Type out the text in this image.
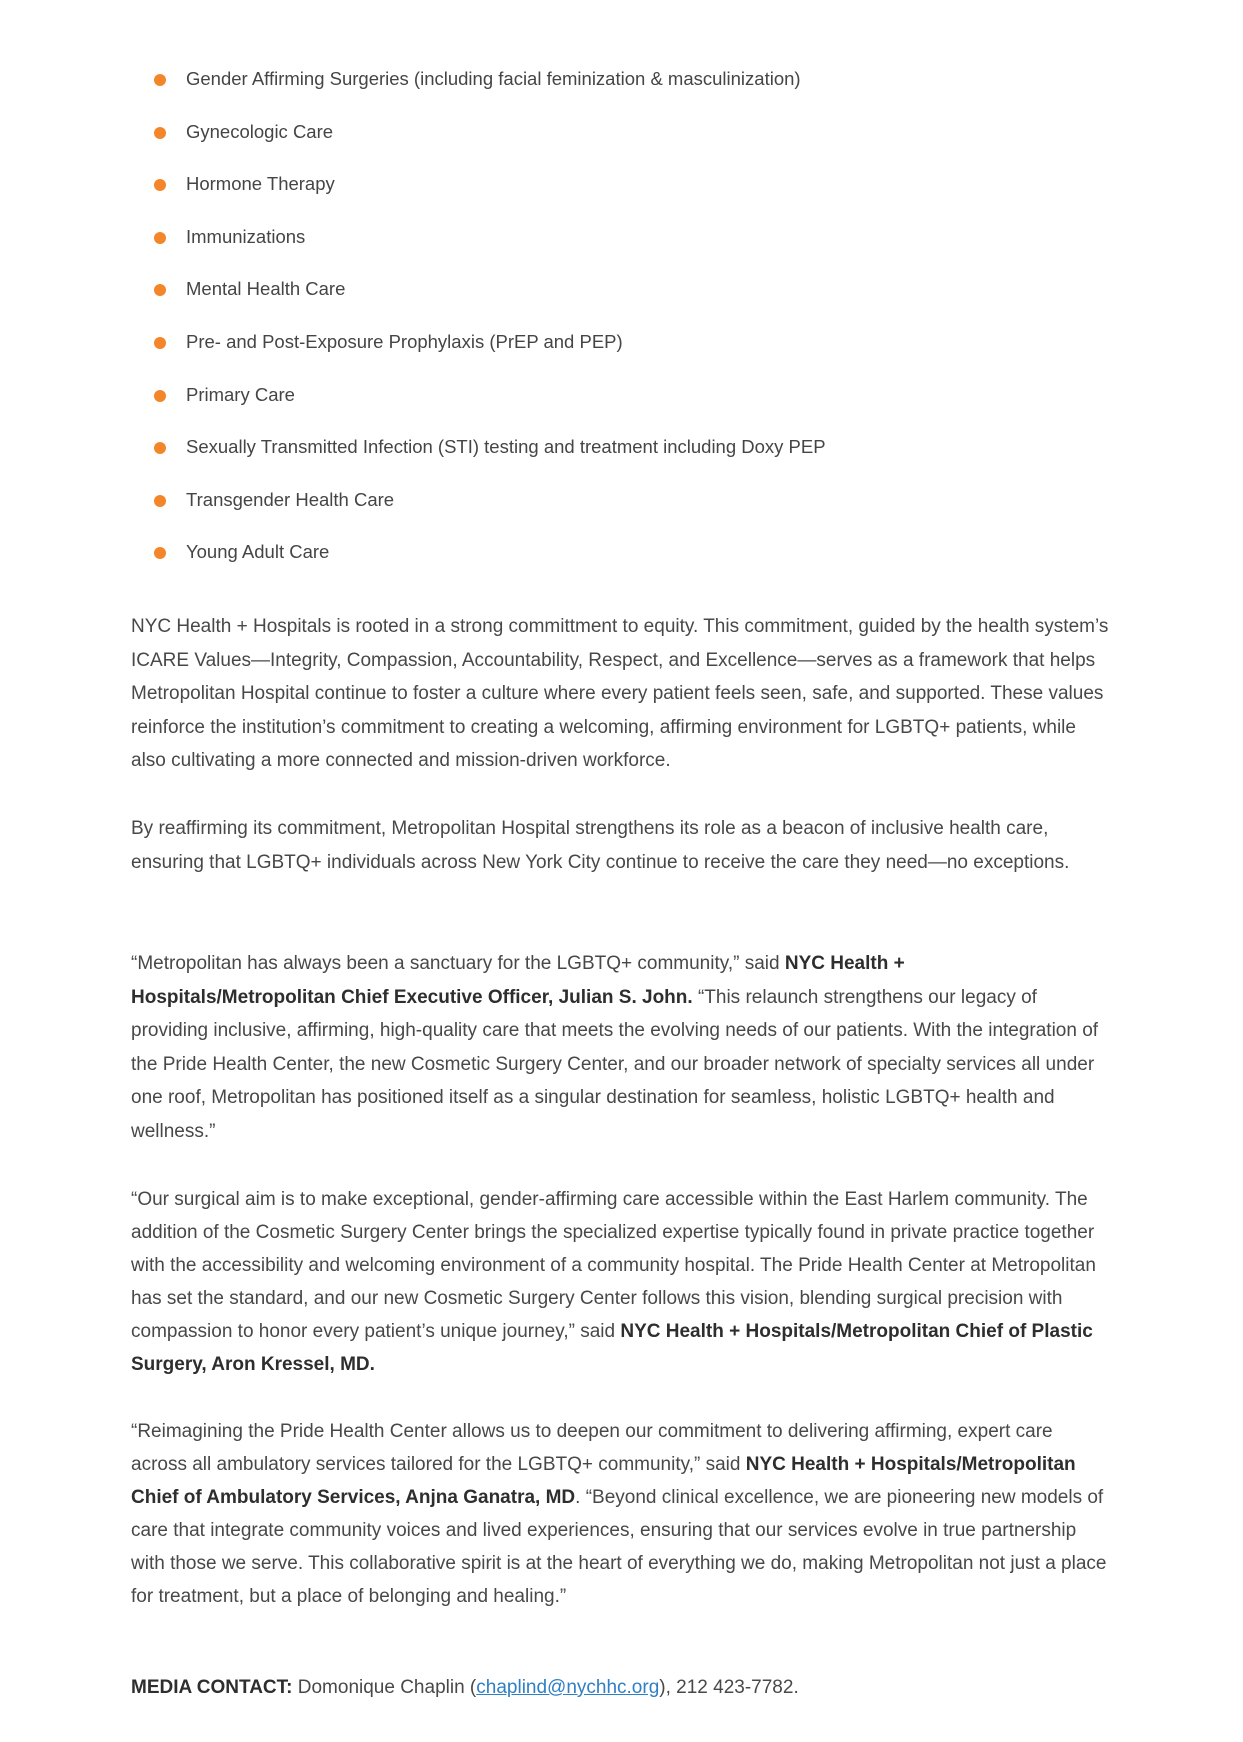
Gender Affirming Surgeries (including facial feminization & masculinization)
Gynecologic Care
Hormone Therapy
Immunizations
Mental Health Care
Pre- and Post-Exposure Prophylaxis (PrEP and PEP)
Primary Care
Sexually Transmitted Infection (STI) testing and treatment including Doxy PEP
Transgender Health Care
Young Adult Care

NYC Health + Hospitals is rooted in a strong committment to equity. This commitment, guided by the health system’s ICARE Values—Integrity, Compassion, Accountability, Respect, and Excellence—serves as a framework that helps Metropolitan Hospital continue to foster a culture where every patient feels seen, safe, and supported. These values reinforce the institution’s commitment to creating a welcoming, affirming environment for LGBTQ+ patients, while also cultivating a more connected and mission-driven workforce.

By reaffirming its commitment, Metropolitan Hospital strengthens its role as a beacon of inclusive health care, ensuring that LGBTQ+ individuals across New York City continue to receive the care they need—no exceptions.

“Metropolitan has always been a sanctuary for the LGBTQ+ community,” said NYC Health + Hospitals/Metropolitan Chief Executive Officer, Julian S. John. “This relaunch strengthens our legacy of providing inclusive, affirming, high-quality care that meets the evolving needs of our patients. With the integration of the Pride Health Center, the new Cosmetic Surgery Center, and our broader network of specialty services all under one roof, Metropolitan has positioned itself as a singular destination for seamless, holistic LGBTQ+ health and wellness.”

“Our surgical aim is to make exceptional, gender-affirming care accessible within the East Harlem community. The addition of the Cosmetic Surgery Center brings the specialized expertise typically found in private practice together with the accessibility and welcoming environment of a community hospital. The Pride Health Center at Metropolitan has set the standard, and our new Cosmetic Surgery Center follows this vision, blending surgical precision with compassion to honor every patient’s unique journey,” said NYC Health + Hospitals/Metropolitan Chief of Plastic Surgery, Aron Kressel, MD.

“Reimagining the Pride Health Center allows us to deepen our commitment to delivering affirming, expert care across all ambulatory services tailored for the LGBTQ+ community,” said NYC Health + Hospitals/Metropolitan Chief of Ambulatory Services, Anjna Ganatra, MD. “Beyond clinical excellence, we are pioneering new models of care that integrate community voices and lived experiences, ensuring that our services evolve in true partnership with those we serve. This collaborative spirit is at the heart of everything we do, making Metropolitan not just a place for treatment, but a place of belonging and healing.”

MEDIA CONTACT: Domonique Chaplin (chaplind@nychhc.org), 212 423-7782.
